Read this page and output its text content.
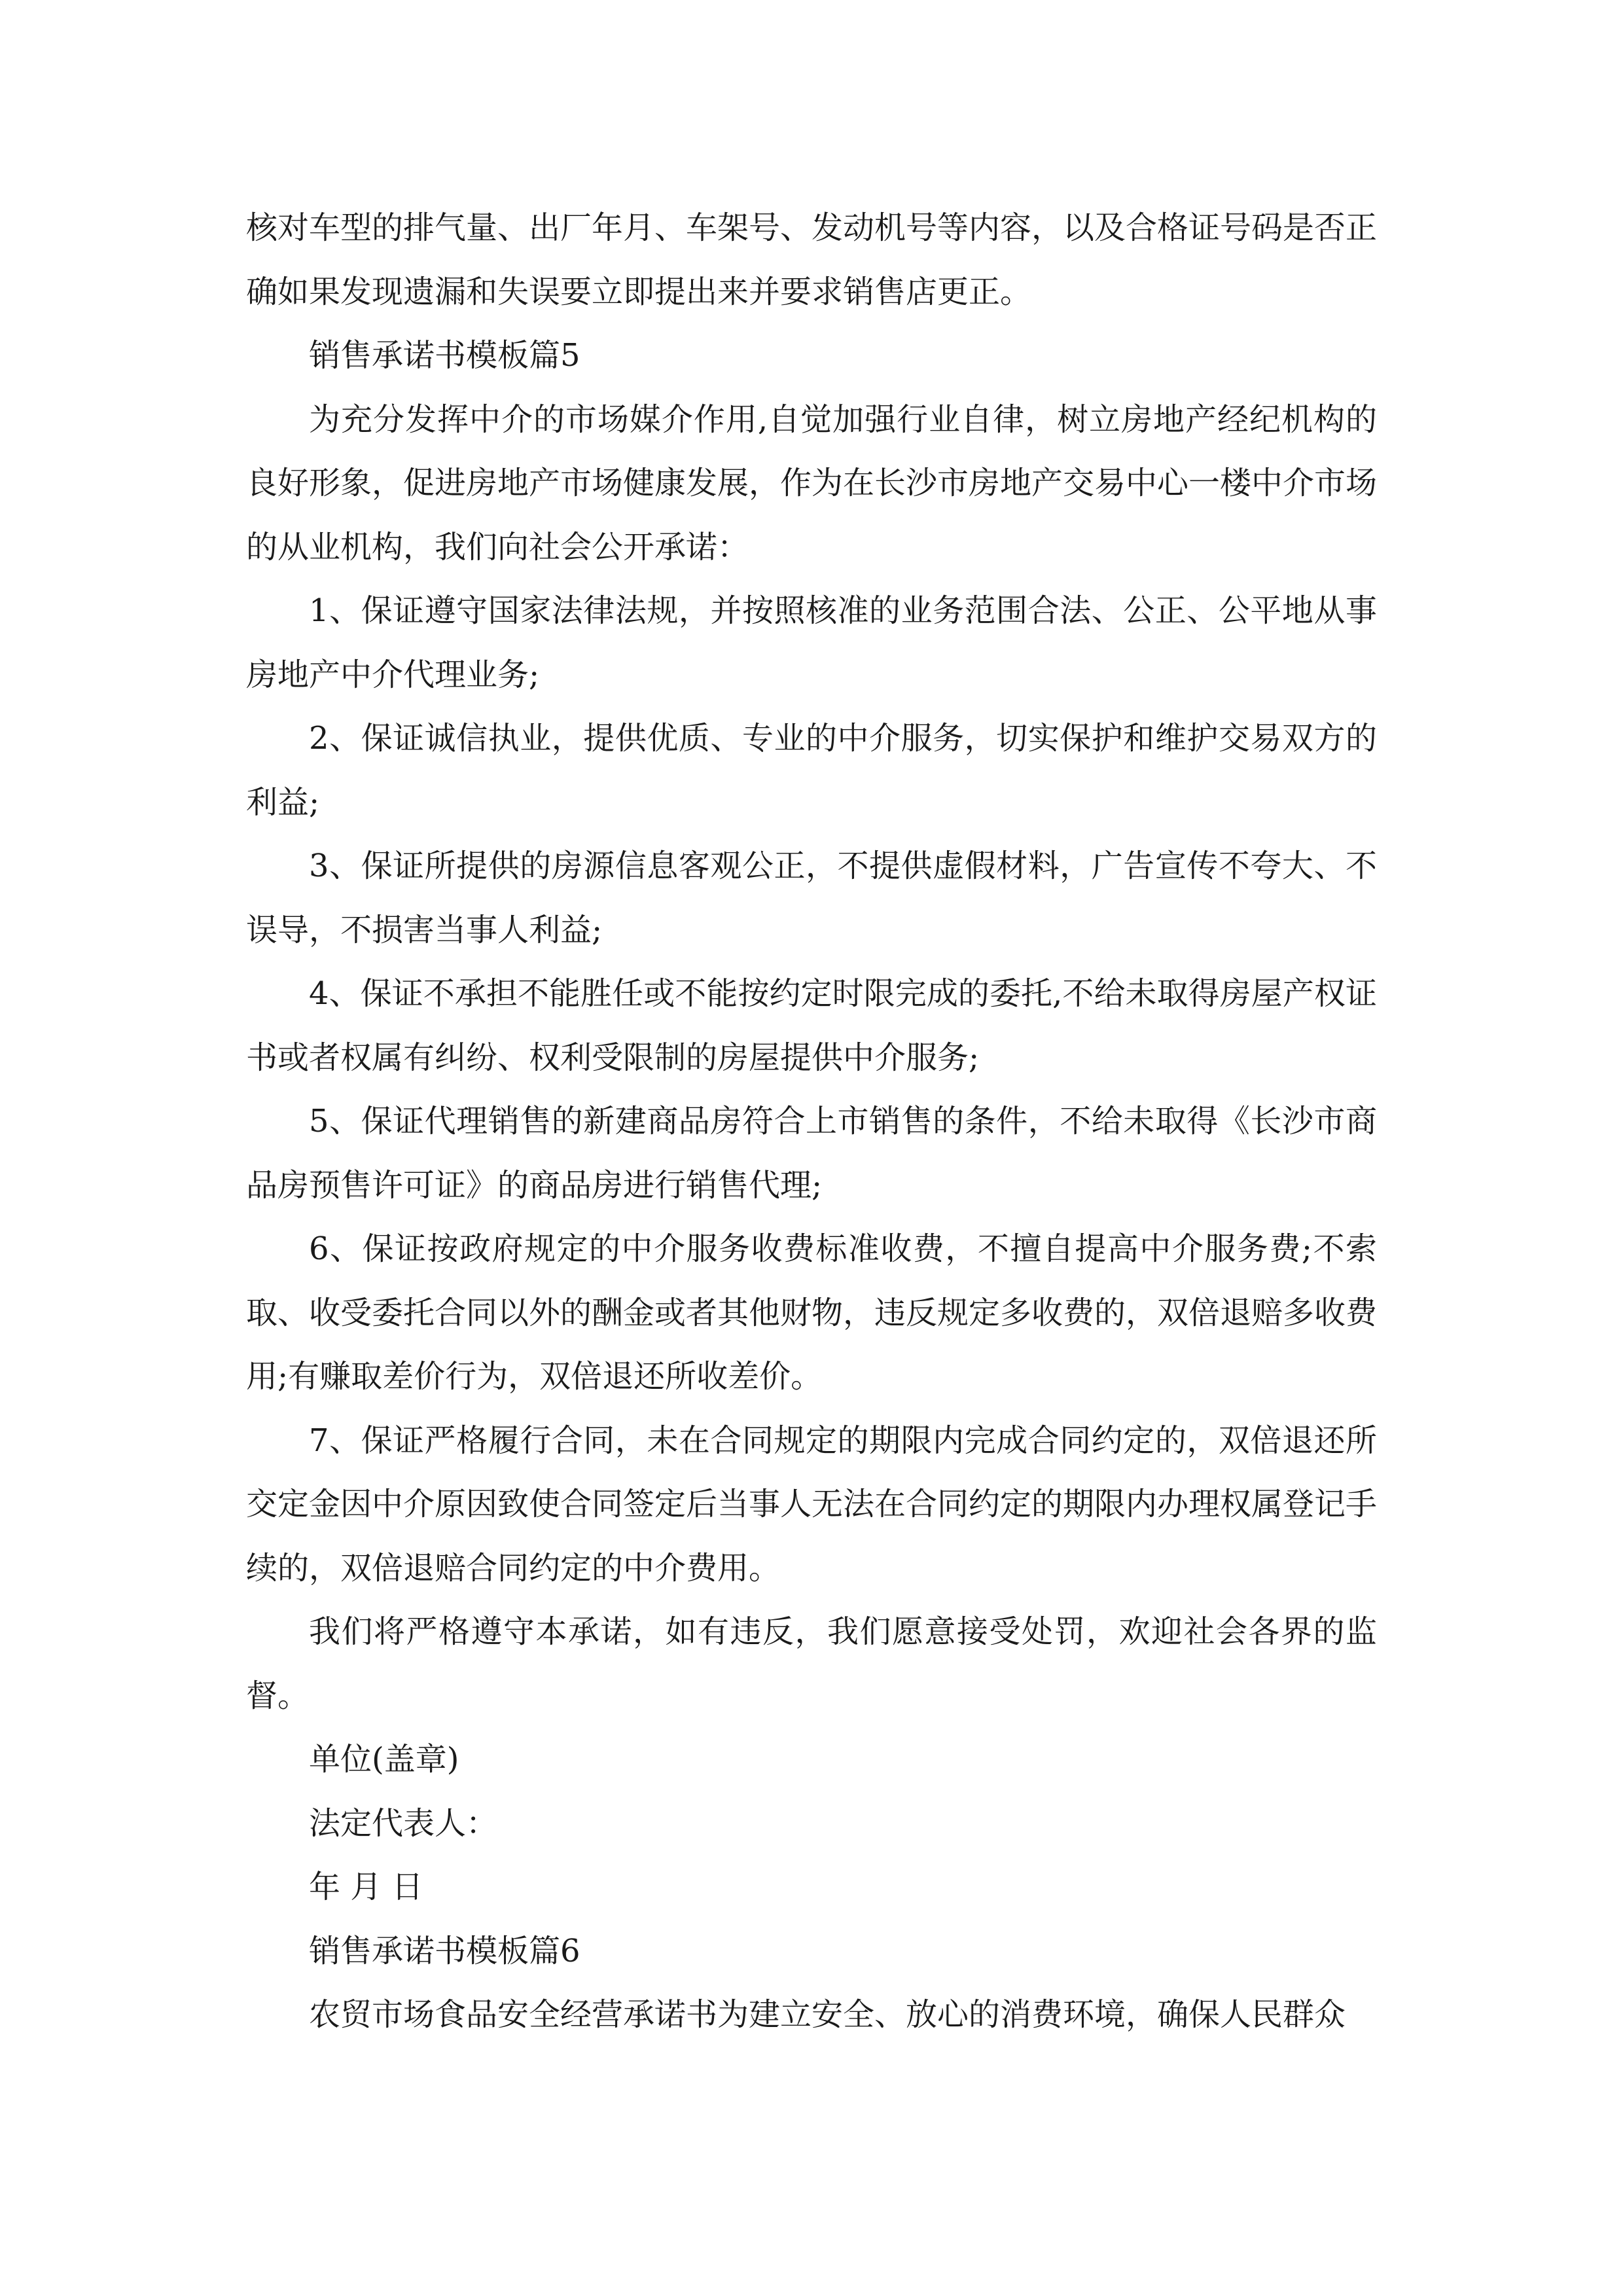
核对车型的排气量、出厂年月、车架号、发动机号等内容，以及合格证号码是否正确如果发现遗漏和失误要立即提出来并要求销售店更正。

销售承诺书模板篇5

为充分发挥中介的市场媒介作用,自觉加强行业自律，树立房地产经纪机构的良好形象，促进房地产市场健康发展，作为在长沙市房地产交易中心一楼中介市场的从业机构，我们向社会公开承诺：

1、保证遵守国家法律法规，并按照核准的业务范围合法、公正、公平地从事房地产中介代理业务;

2、保证诚信执业，提供优质、专业的中介服务，切实保护和维护交易双方的利益;

3、保证所提供的房源信息客观公正，不提供虚假材料，广告宣传不夸大、不误导，不损害当事人利益;

4、保证不承担不能胜任或不能按约定时限完成的委托,不给未取得房屋产权证书或者权属有纠纷、权利受限制的房屋提供中介服务;

5、保证代理销售的新建商品房符合上市销售的条件，不给未取得《长沙市商品房预售许可证》的商品房进行销售代理;

6、保证按政府规定的中介服务收费标准收费，不擅自提高中介服务费;不索取、收受委托合同以外的酬金或者其他财物，违反规定多收费的，双倍退赔多收费用;有赚取差价行为，双倍退还所收差价。

7、保证严格履行合同，未在合同规定的期限内完成合同约定的，双倍退还所交定金因中介原因致使合同签定后当事人无法在合同约定的期限内办理权属登记手续的，双倍退赔合同约定的中介费用。

我们将严格遵守本承诺，如有违反，我们愿意接受处罚，欢迎社会各界的监督。

单位(盖章)

法定代表人：

年 月 日

销售承诺书模板篇6

农贸市场食品安全经营承诺书为建立安全、放心的消费环境，确保人民群众
